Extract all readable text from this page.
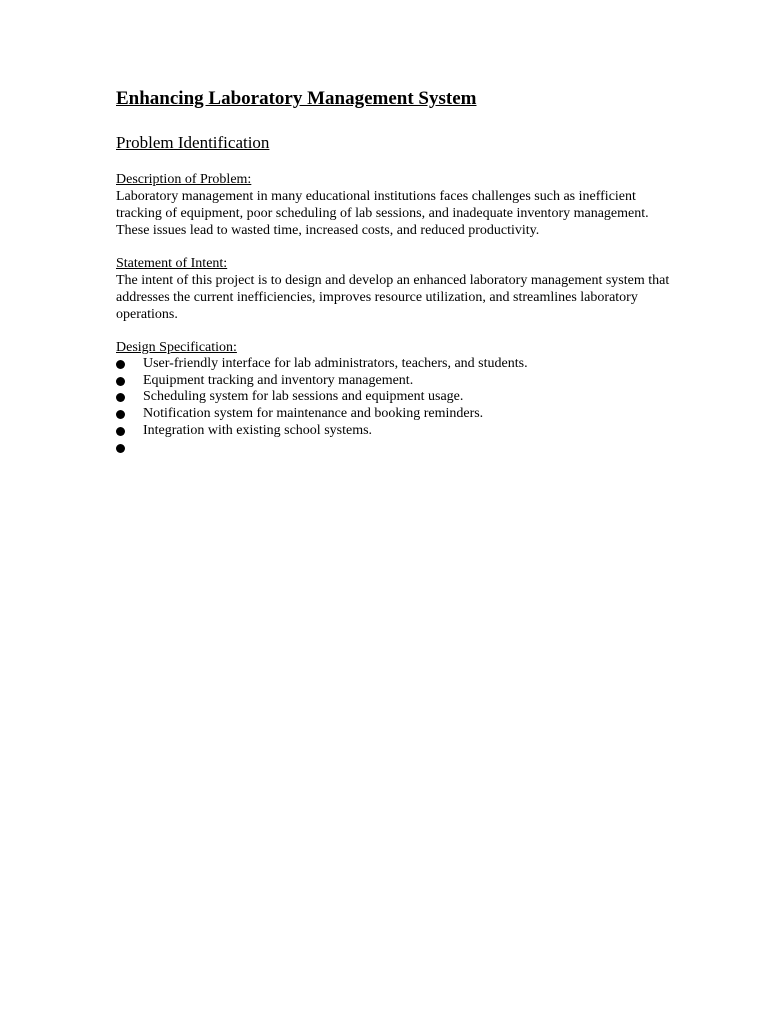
Enhancing Laboratory Management System
Problem Identification
Description of Problem:

Laboratory management in many educational institutions faces challenges such as inefficient tracking of equipment, poor scheduling of lab sessions, and inadequate inventory management. These issues lead to wasted time, increased costs, and reduced productivity.

Statement of Intent:

The intent of this project is to design and develop an enhanced laboratory management system that addresses the current inefficiencies, improves resource utilization, and streamlines laboratory operations.

Design Specification:
User-friendly interface for lab administrators, teachers, and students.
Equipment tracking and inventory management.
Scheduling system for lab sessions and equipment usage.
Notification system for maintenance and booking reminders.
Integration with existing school systems.
